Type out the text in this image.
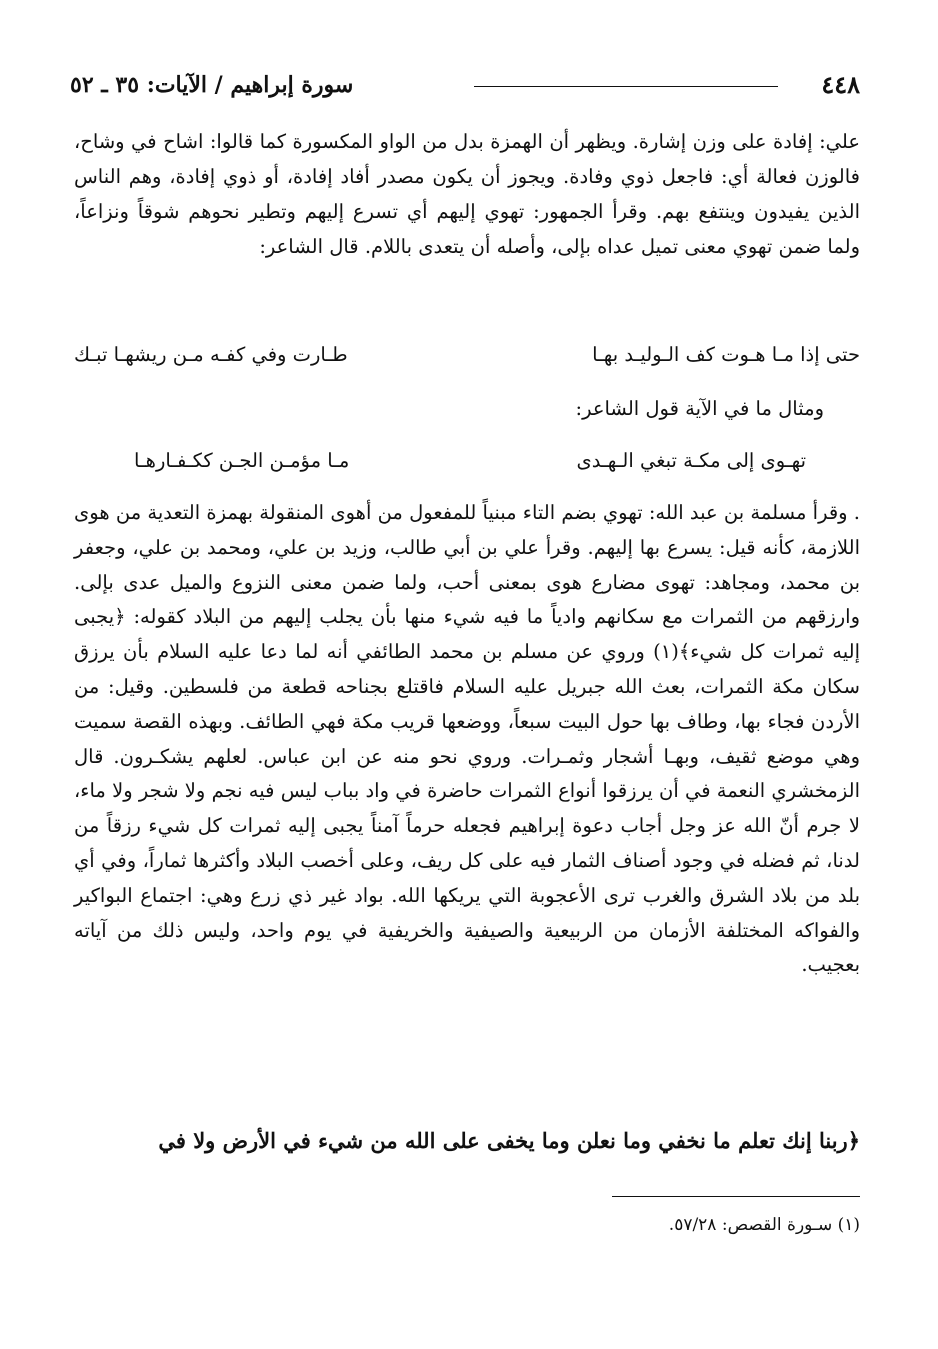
٤٤٨
سورة إبراهيم / الآيات: ٣٥ ـ ٥٢

علي: إفادة على وزن إشارة. ويظهر أن الهمزة بدل من الواو المكسورة كما قالوا: اشاح في وشاح، فالوزن فعالة أي: فاجعل ذوي وفادة. ويجوز أن يكون مصدر أفاد إفادة، أو ذوي إفادة، وهم الناس الذين يفيدون وينتفع بهم. وقرأ الجمهور: تهوي إليهم أي تسرع إليهم وتطير نحوهم شوقاً ونزاعاً، ولما ضمن تهوي معنى تميل عداه بإلى، وأصله أن يتعدى باللام. قال الشاعر:

حتى إذا مـا هـوت كف الـوليـد بهـا
طـارت وفي كفـه مـن ريشهـا تبـك
ومثال ما في الآية قول الشاعر:
تهـوى إلى مكـة تبغي الـهـدى
مـا مؤمـن الجـن ككـفـارهـا

. وقرأ مسلمة بن عبد الله: تهوي بضم التاء مبنياً للمفعول من أهوى المنقولة بهمزة التعدية من هوى اللازمة، كأنه قيل: يسرع بها إليهم. وقرأ علي بن أبي طالب، وزيد بن علي، ومحمد بن علي، وجعفر بن محمد، ومجاهد: تهوى مضارع هوى بمعنى أحب، ولما ضمن معنى النزوع والميل عدى بإلى. وارزقهم من الثمرات مع سكانهم وادياً ما فيه شيء منها بأن يجلب إليهم من البلاد كقوله: ﴿يجبى إليه ثمرات كل شيء﴾(١) وروي عن مسلم بن محمد الطائفي أنه لما دعا عليه السلام بأن يرزق سكان مكة الثمرات، بعث الله جبريل عليه السلام فاقتلع بجناحه قطعة من فلسطين. وقيل: من الأردن فجاء بها، وطاف بها حول البيت سبعاً، ووضعها قريب مكة فهي الطائف. وبهذه القصة سميت وهي موضع ثقيف، وبهـا أشجار وثمـرات. وروي نحو منه عن ابن عباس. لعلهم يشكـرون. قال الزمخشري النعمة في أن يرزقوا أنواع الثمرات حاضرة في واد بباب ليس فيه نجم ولا شجر ولا ماء، لا جرم أنّ الله عز وجل أجاب دعوة إبراهيم فجعله حرماً آمناً يجبى إليه ثمرات كل شيء رزقاً من لدنا، ثم فضله في وجود أصناف الثمار فيه على كل ريف، وعلى أخصب البلاد وأكثرها ثماراً، وفي أي بلد من بلاد الشرق والغرب ترى الأعجوبة التي يريكها الله. بواد غير ذي زرع وهي: اجتماع البواكير والفواكه المختلفة الأزمان من الربيعية والصيفية والخريفية في يوم واحد، وليس ذلك من آياته بعجيب.

﴿ربنا إنك تعلم ما نخفي وما نعلن وما يخفى على الله من شيء في الأرض ولا في
(١) سـورة القصص: ٥٧/٢٨.
